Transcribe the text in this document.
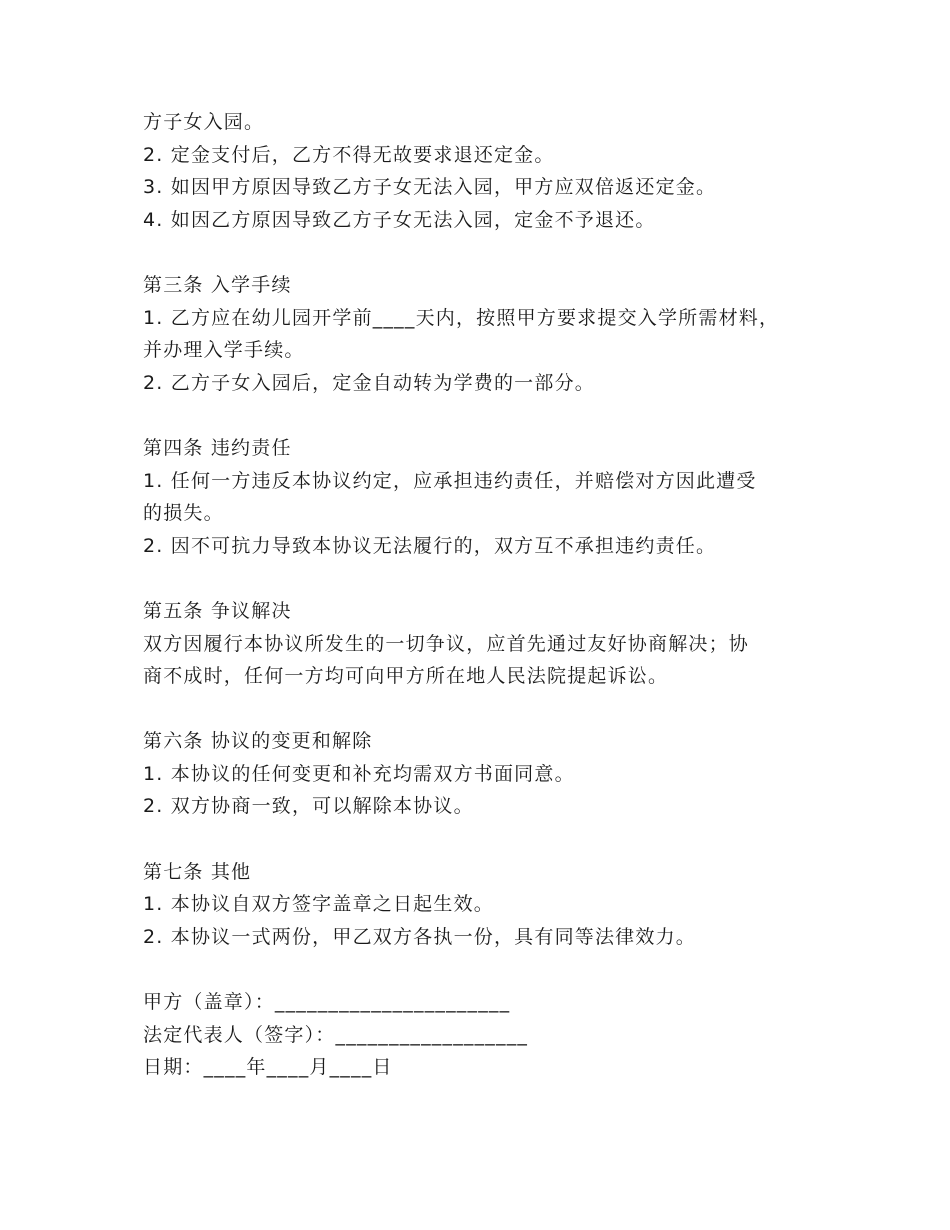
方子女入园。
2. 定金支付后，乙方不得无故要求退还定金。
3. 如因甲方原因导致乙方子女无法入园，甲方应双倍返还定金。
4. 如因乙方原因导致乙方子女无法入园，定金不予退还。
第三条 入学手续
1. 乙方应在幼儿园开学前____天内，按照甲方要求提交入学所需材料，
并办理入学手续。
2. 乙方子女入园后，定金自动转为学费的一部分。
第四条 违约责任
1. 任何一方违反本协议约定，应承担违约责任，并赔偿对方因此遭受
的损失。
2. 因不可抗力导致本协议无法履行的，双方互不承担违约责任。
第五条 争议解决
双方因履行本协议所发生的一切争议，应首先通过友好协商解决；协
商不成时，任何一方均可向甲方所在地人民法院提起诉讼。
第六条 协议的变更和解除
1. 本协议的任何变更和补充均需双方书面同意。
2. 双方协商一致，可以解除本协议。
第七条 其他
1. 本协议自双方签字盖章之日起生效。
2. 本协议一式两份，甲乙双方各执一份，具有同等法律效力。
甲方（盖章）：______________________
法定代表人（签字）：__________________
日期：____年____月____日
